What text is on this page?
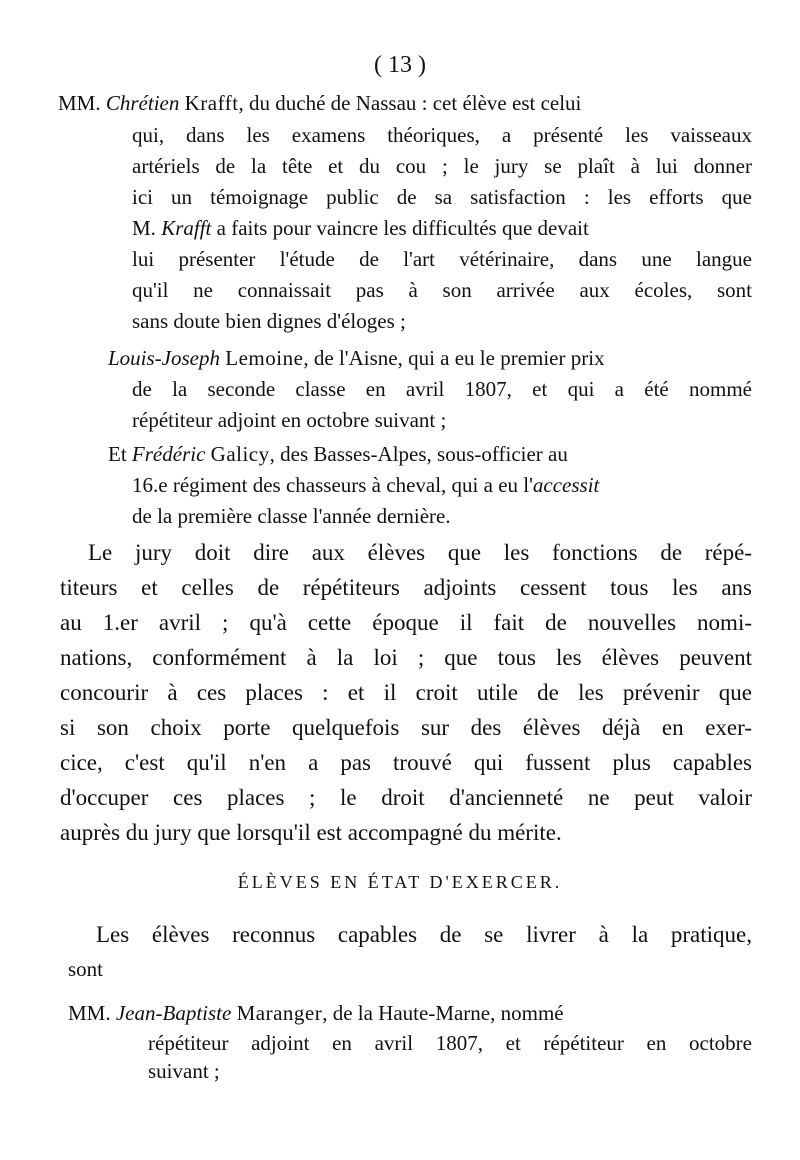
( 13 )
MM. Chrétien Krafft, du duché de Nassau : cet élève est celui
qui, dans les examens théoriques, a présenté les vaisseaux
artériels de la tête et du cou ; le jury se plaît à lui donner
ici un témoignage public de sa satisfaction : les efforts que
M. Krafft a faits pour vaincre les difficultés que devait
lui présenter l'étude de l'art vétérinaire, dans une langue
qu'il ne connaissait pas à son arrivée aux écoles, sont
sans doute bien dignes d'éloges ;
Louis-Joseph Lemoine, de l'Aisne, qui a eu le premier prix
de la seconde classe en avril 1807, et qui a été nommé
répétiteur adjoint en octobre suivant ;
Et Frédéric Galicy, des Basses-Alpes, sous-officier au
16.e régiment des chasseurs à cheval, qui a eu l'accessit
de la première classe l'année dernière.
Le jury doit dire aux élèves que les fonctions de répé-
titeurs et celles de répétiteurs adjoints cessent tous les ans
au 1.er avril ; qu'à cette époque il fait de nouvelles nomi-
nations, conformément à la loi ; que tous les élèves peuvent
concourir à ces places : et il croit utile de les prévenir que
si son choix porte quelquefois sur des élèves déjà en exer-
cice, c'est qu'il n'en a pas trouvé qui fussent plus capables
d'occuper ces places ; le droit d'ancienneté ne peut valoir
auprès du jury que lorsqu'il est accompagné du mérite.
ÉLÈVES EN ÉTAT D'EXERCER.
Les élèves reconnus capables de se livrer à la pratique,
sont
MM. Jean-Baptiste Maranger, de la Haute-Marne, nommé
répétiteur adjoint en avril 1807, et répétiteur en octobre
suivant ;
